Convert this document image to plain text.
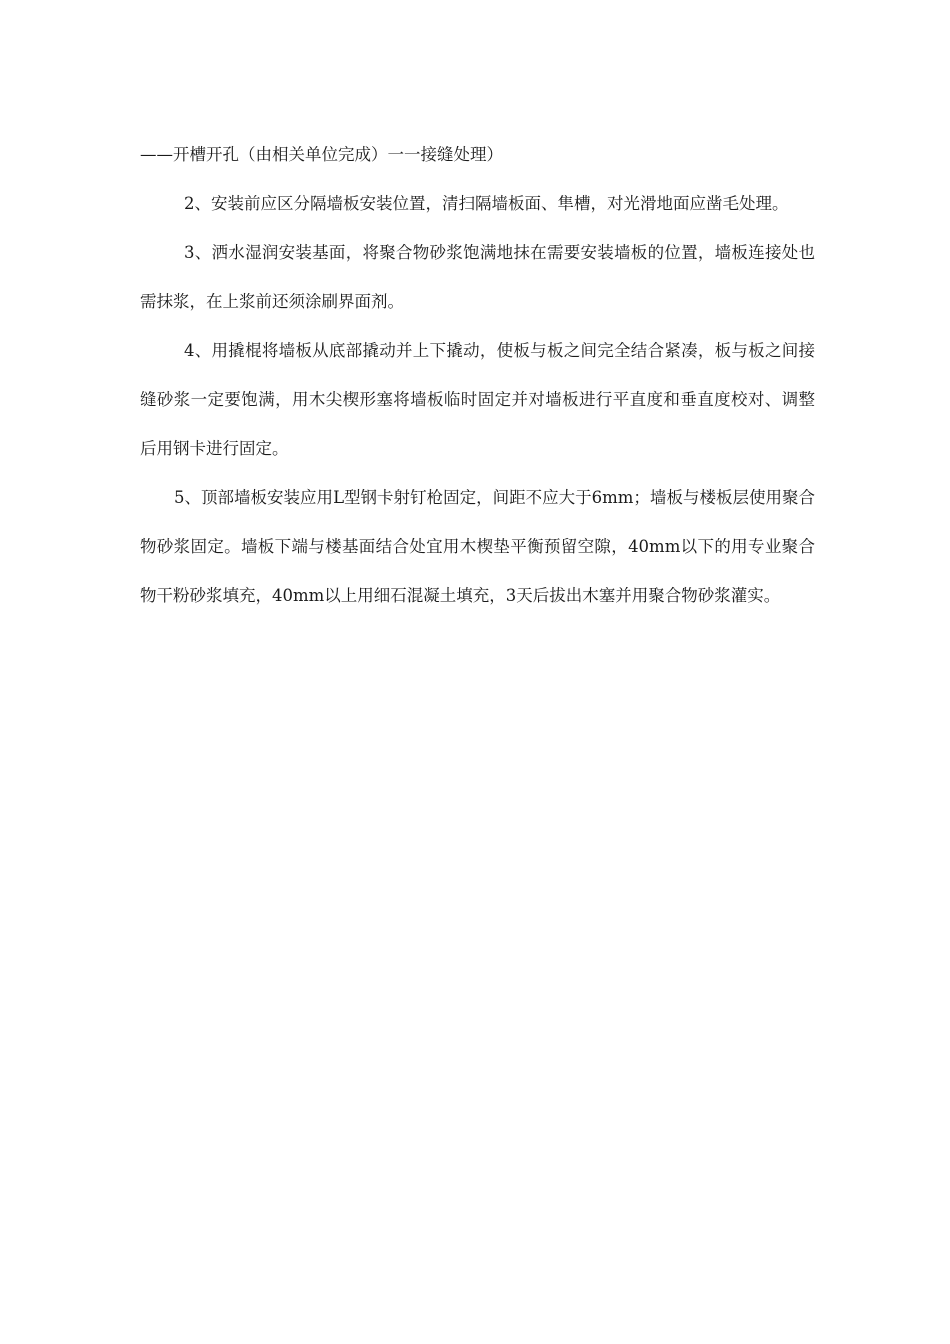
——开槽开孔（由相关单位完成）一一接缝处理）

2、安装前应区分隔墙板安装位置，清扫隔墙板面、隼槽，对光滑地面应凿毛处理。

3、洒水湿润安装基面，将聚合物砂浆饱满地抹在需要安装墙板的位置，墙板连接处也需抹浆，在上浆前还须涂刷界面剂。

4、用撬棍将墙板从底部撬动并上下撬动，使板与板之间完全结合紧凑，板与板之间接缝砂浆一定要饱满，用木尖楔形塞将墙板临时固定并对墙板进行平直度和垂直度校对、调整后用钢卡进行固定。

5、顶部墙板安装应用L型钢卡射钉枪固定，间距不应大于6mm；墙板与楼板层使用聚合物砂浆固定。墙板下端与楼基面结合处宜用木楔垫平衡预留空隙，40mm以下的用专业聚合物干粉砂浆填充，40mm以上用细石混凝土填充，3天后拔出木塞并用聚合物砂浆灌实。
